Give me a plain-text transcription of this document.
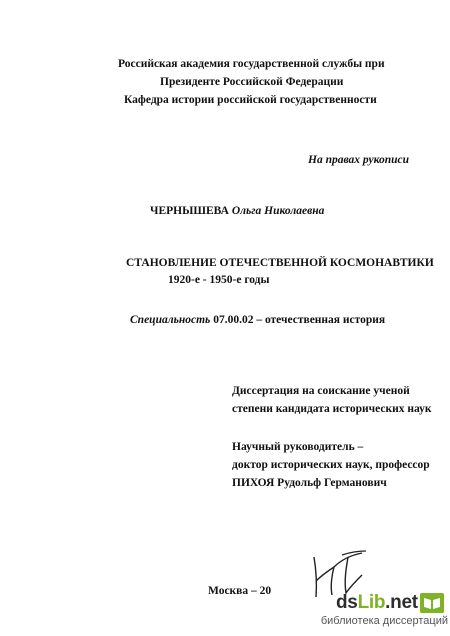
Российская академия государственной службы при
Президенте Российской Федерации
Кафедра истории российской государственности
На правах рукописи
ЧЕРНЫШЕВА Ольга Николаевна
СТАНОВЛЕНИЕ ОТЕЧЕСТВЕННОЙ КОСМОНАВТИКИ
1920-е - 1950-е годы
Специальность 07.00.02 – отечественная история
Диссертация на соискание ученой
степени кандидата исторических наук
Научный руководитель –
доктор исторических наук, профессор
ПИХОЯ Рудольф Германович
Москва – 20
dsLib.net
библиотека диссертаций
